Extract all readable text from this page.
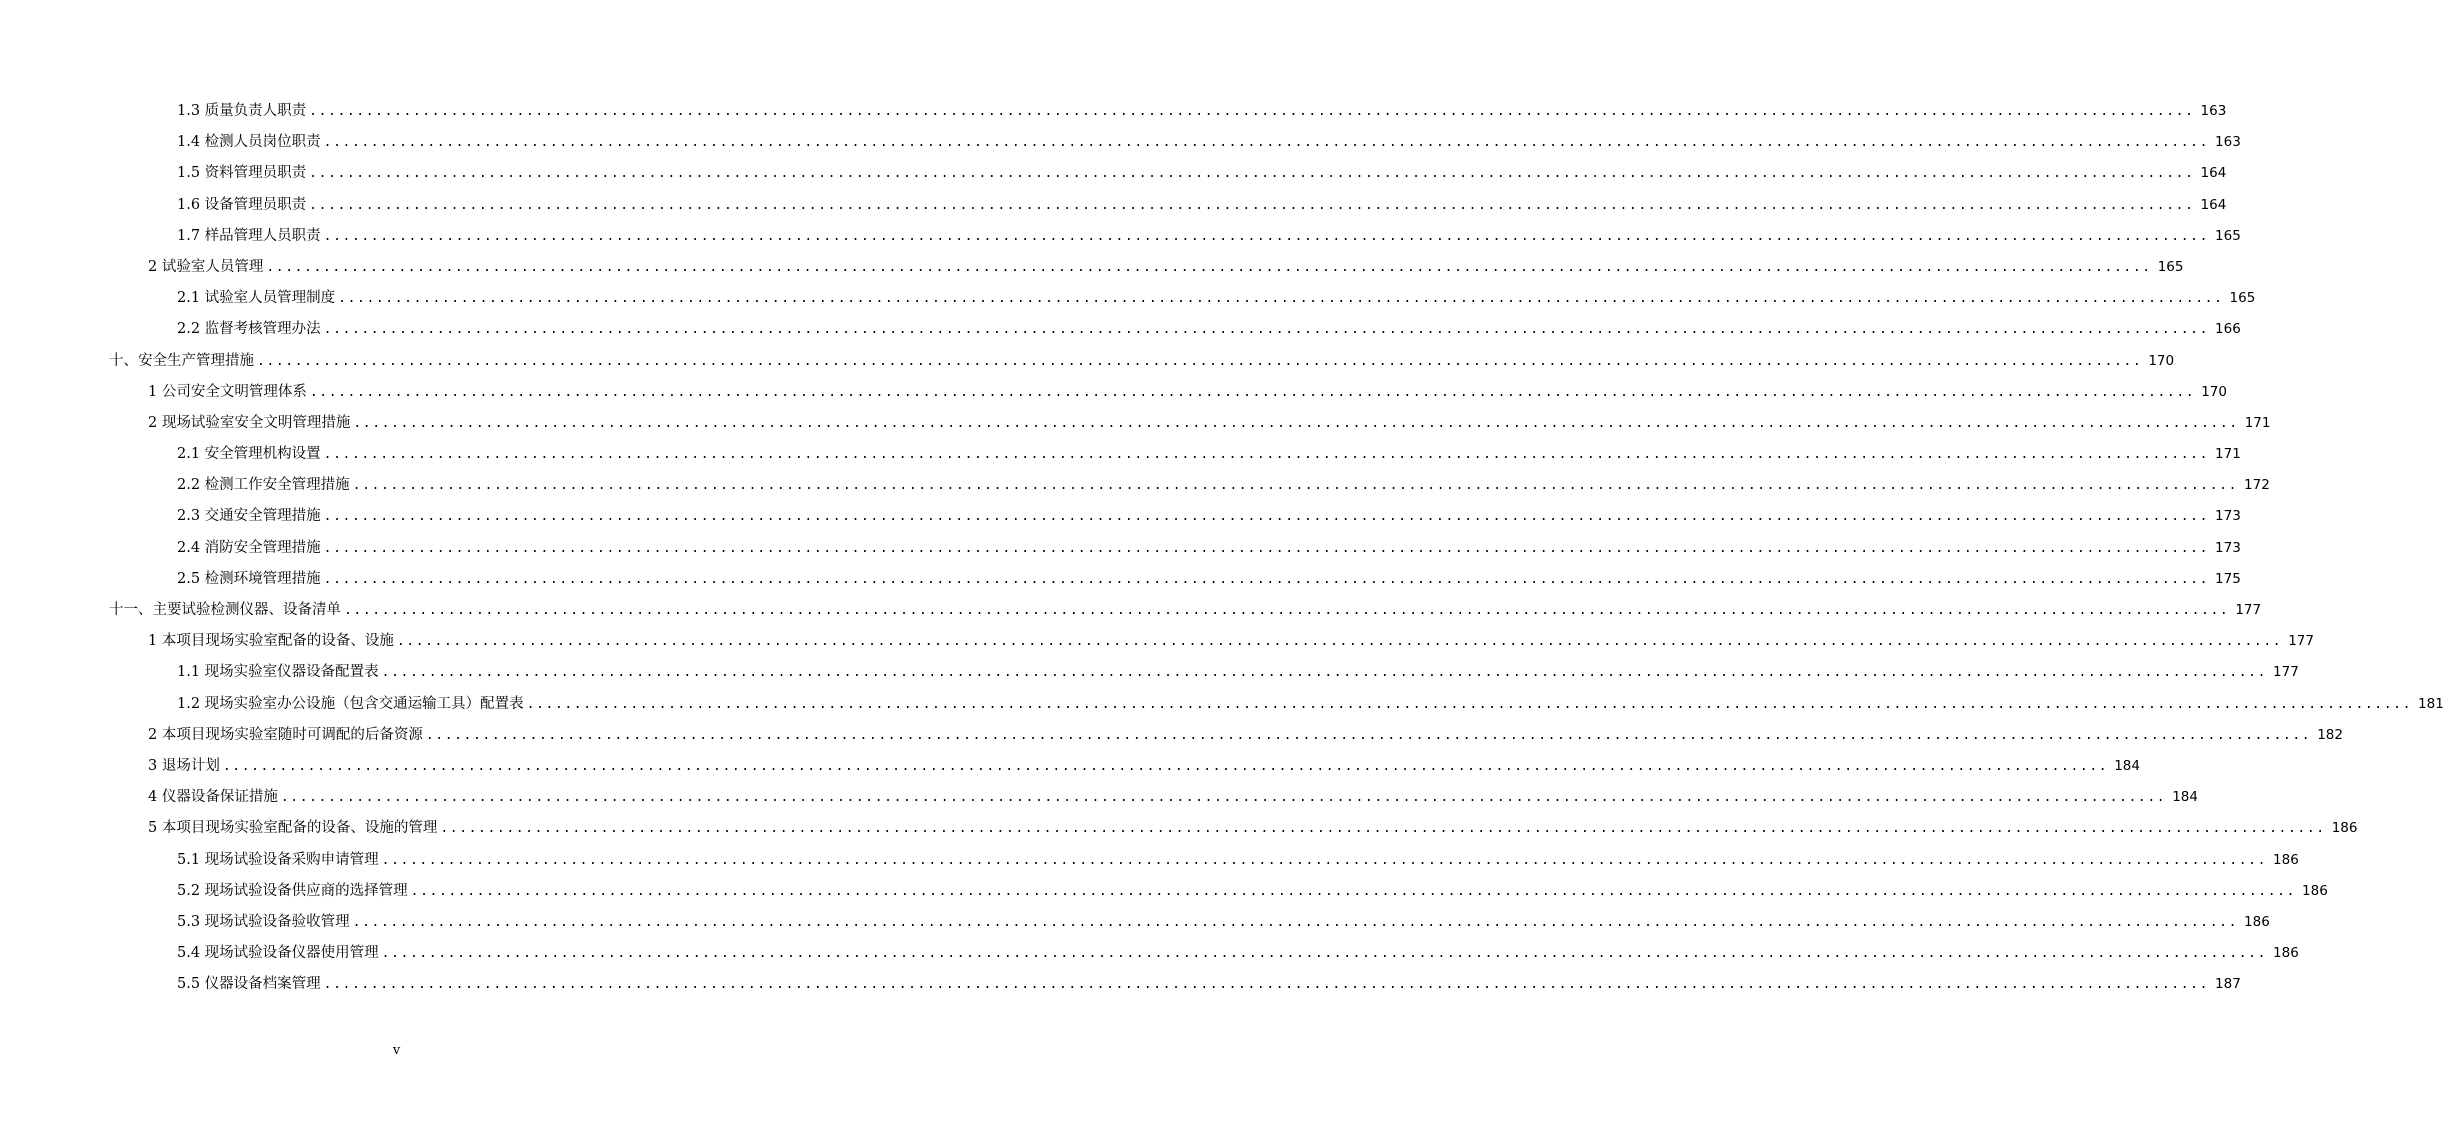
1.3 质量负责人职责 ........................................................................................................................................................................................................ 163
1.4 检测人员岗位职责 ........................................................................................................................................................................................................ 163
1.5 资料管理员职责 ........................................................................................................................................................................................................ 164
1.6 设备管理员职责 ........................................................................................................................................................................................................ 164
1.7 样品管理人员职责 ........................................................................................................................................................................................................ 165
2 试验室人员管理 ........................................................................................................................................................................................................ 165
2.1 试验室人员管理制度 ........................................................................................................................................................................................................ 165
2.2 监督考核管理办法 ........................................................................................................................................................................................................ 166
十、安全生产管理措施 ........................................................................................................................................................................................................ 170
1 公司安全文明管理体系 ........................................................................................................................................................................................................ 170
2 现场试验室安全文明管理措施 ........................................................................................................................................................................................................ 171
2.1 安全管理机构设置 ........................................................................................................................................................................................................ 171
2.2 检测工作安全管理措施 ........................................................................................................................................................................................................ 172
2.3 交通安全管理措施 ........................................................................................................................................................................................................ 173
2.4 消防安全管理措施 ........................................................................................................................................................................................................ 173
2.5 检测环境管理措施 ........................................................................................................................................................................................................ 175
十一、主要试验检测仪器、设备清单 ........................................................................................................................................................................................................ 177
1 本项目现场实验室配备的设备、设施 ........................................................................................................................................................................................................ 177
1.1 现场实验室仪器设备配置表 ........................................................................................................................................................................................................ 177
1.2 现场实验室办公设施（包含交通运输工具）配置表 ........................................................................................................................................................................................................ 181
2 本项目现场实验室随时可调配的后备资源 ........................................................................................................................................................................................................ 182
3 退场计划 ........................................................................................................................................................................................................ 184
4 仪器设备保证措施 ........................................................................................................................................................................................................ 184
5 本项目现场实验室配备的设备、设施的管理 ........................................................................................................................................................................................................ 186
5.1 现场试验设备采购申请管理 ........................................................................................................................................................................................................ 186
5.2 现场试验设备供应商的选择管理 ........................................................................................................................................................................................................ 186
5.3 现场试验设备验收管理 ........................................................................................................................................................................................................ 186
5.4 现场试验设备仪器使用管理 ........................................................................................................................................................................................................ 186
5.5 仪器设备档案管理 ........................................................................................................................................................................................................ 187
v
